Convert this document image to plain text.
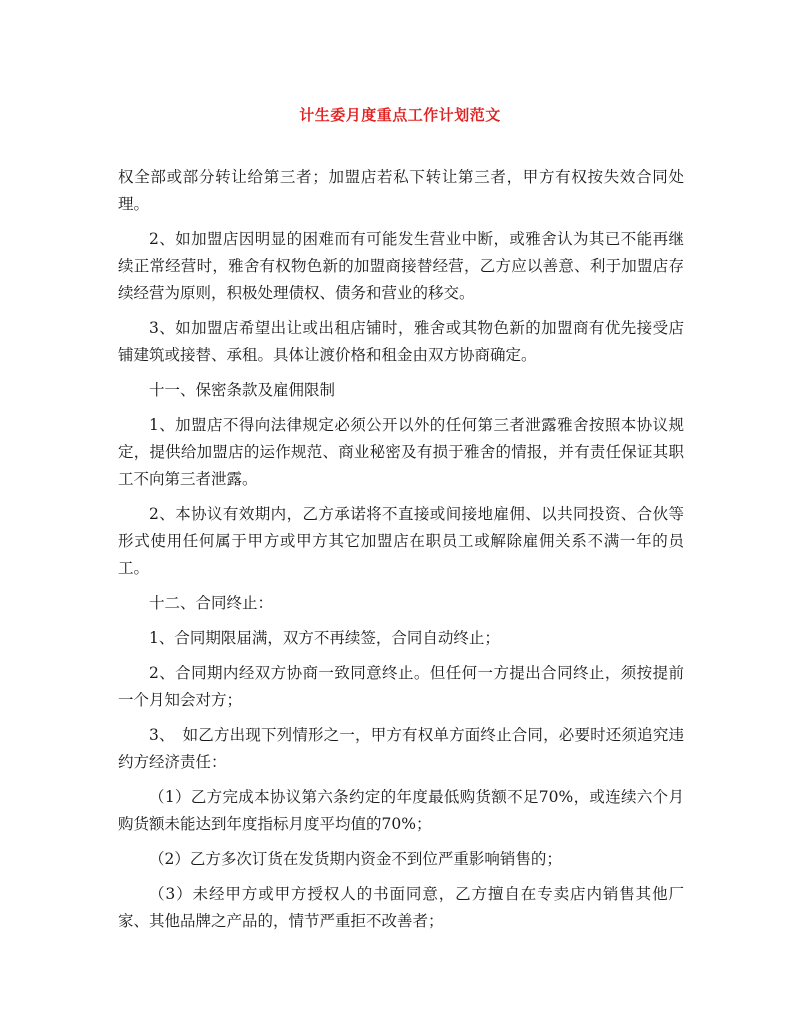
计生委月度重点工作计划范文

权全部或部分转让给第三者；加盟店若私下转让第三者，甲方有权按失效合同处理。

2、如加盟店因明显的困难而有可能发生营业中断，或雅舍认为其已不能再继续正常经营时，雅舍有权物色新的加盟商接替经营，乙方应以善意、利于加盟店存续经营为原则，积极处理债权、债务和营业的移交。

3、如加盟店希望出让或出租店铺时，雅舍或其物色新的加盟商有优先接受店铺建筑或接替、承租。具体让渡价格和租金由双方协商确定。

十一、保密条款及雇佣限制

1、加盟店不得向法律规定必须公开以外的任何第三者泄露雅舍按照本协议规定，提供给加盟店的运作规范、商业秘密及有损于雅舍的情报，并有责任保证其职工不向第三者泄露。

2、本协议有效期内，乙方承诺将不直接或间接地雇佣、以共同投资、合伙等形式使用任何属于甲方或甲方其它加盟店在职员工或解除雇佣关系不满一年的员工。

十二、合同终止：

1、合同期限届满，双方不再续签，合同自动终止；

2、合同期内经双方协商一致同意终止。但任何一方提出合同终止，须按提前一个月知会对方；

3、　如乙方出现下列情形之一，甲方有权单方面终止合同，必要时还须追究违约方经济责任：

（1）乙方完成本协议第六条约定的年度最低购货额不足70%，或连续六个月购货额未能达到年度指标月度平均值的70%；

（2）乙方多次订货在发货期内资金不到位严重影响销售的；

（3）未经甲方或甲方授权人的书面同意，乙方擅自在专卖店内销售其他厂家、其他品牌之产品的，情节严重拒不改善者；
